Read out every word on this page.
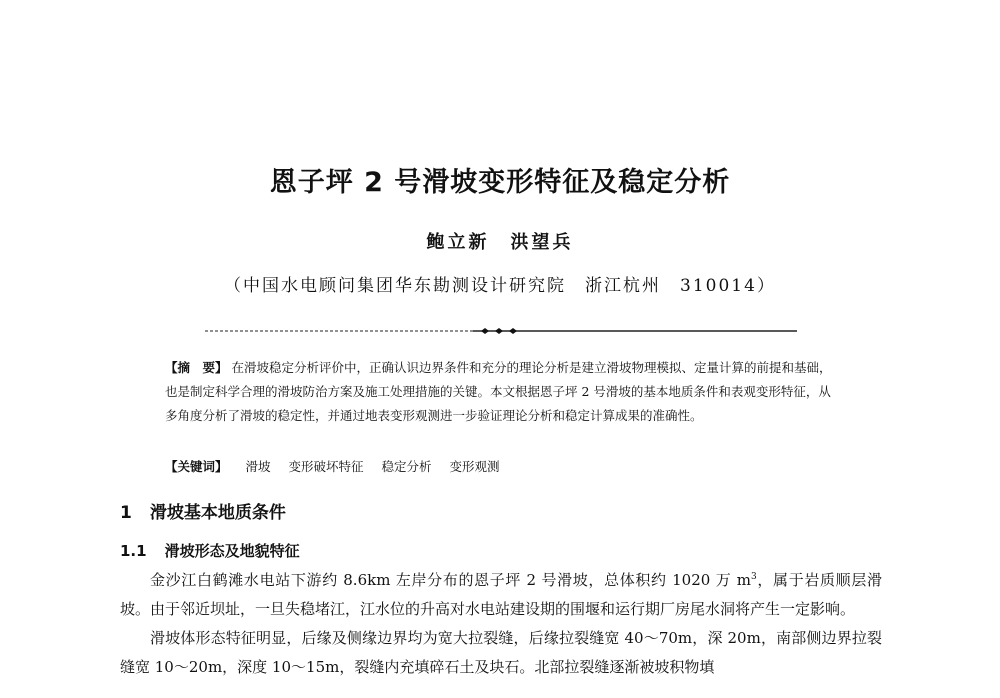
恩子坪 2 号滑坡变形特征及稳定分析
鲍立新　洪望兵
（中国水电顾问集团华东勘测设计研究院　浙江杭州　310014）
【摘　要】 在滑坡稳定分析评价中，正确认识边界条件和充分的理论分析是建立滑坡物理模拟、定量计算的前提和基础，也是制定科学合理的滑坡防治方案及施工处理措施的关键。本文根据恩子坪 2 号滑坡的基本地质条件和表观变形特征，从多角度分析了滑坡的稳定性，并通过地表变形观测进一步验证理论分析和稳定计算成果的准确性。
【关键词】 滑坡 变形破坏特征 稳定分析 变形观测
1 滑坡基本地质条件
1.1 滑坡形态及地貌特征

金沙江白鹤滩水电站下游约 8.6km 左岸分布的恩子坪 2 号滑坡，总体积约 1020 万 $m^3$，属于岩质顺层滑坡。由于邻近坝址，一旦失稳堵江，江水位的升高对水电站建设期的围堰和运行期厂房尾水洞将产生一定影响。

滑坡体形态特征明显，后缘及侧缘边界均为宽大拉裂缝，后缘拉裂缝宽 40～70m，深 20m，南部侧边界拉裂缝宽 10～20m，深度 10～15m，裂缝内充填碎石土及块石。北部拉裂缝逐渐被坡积物填
